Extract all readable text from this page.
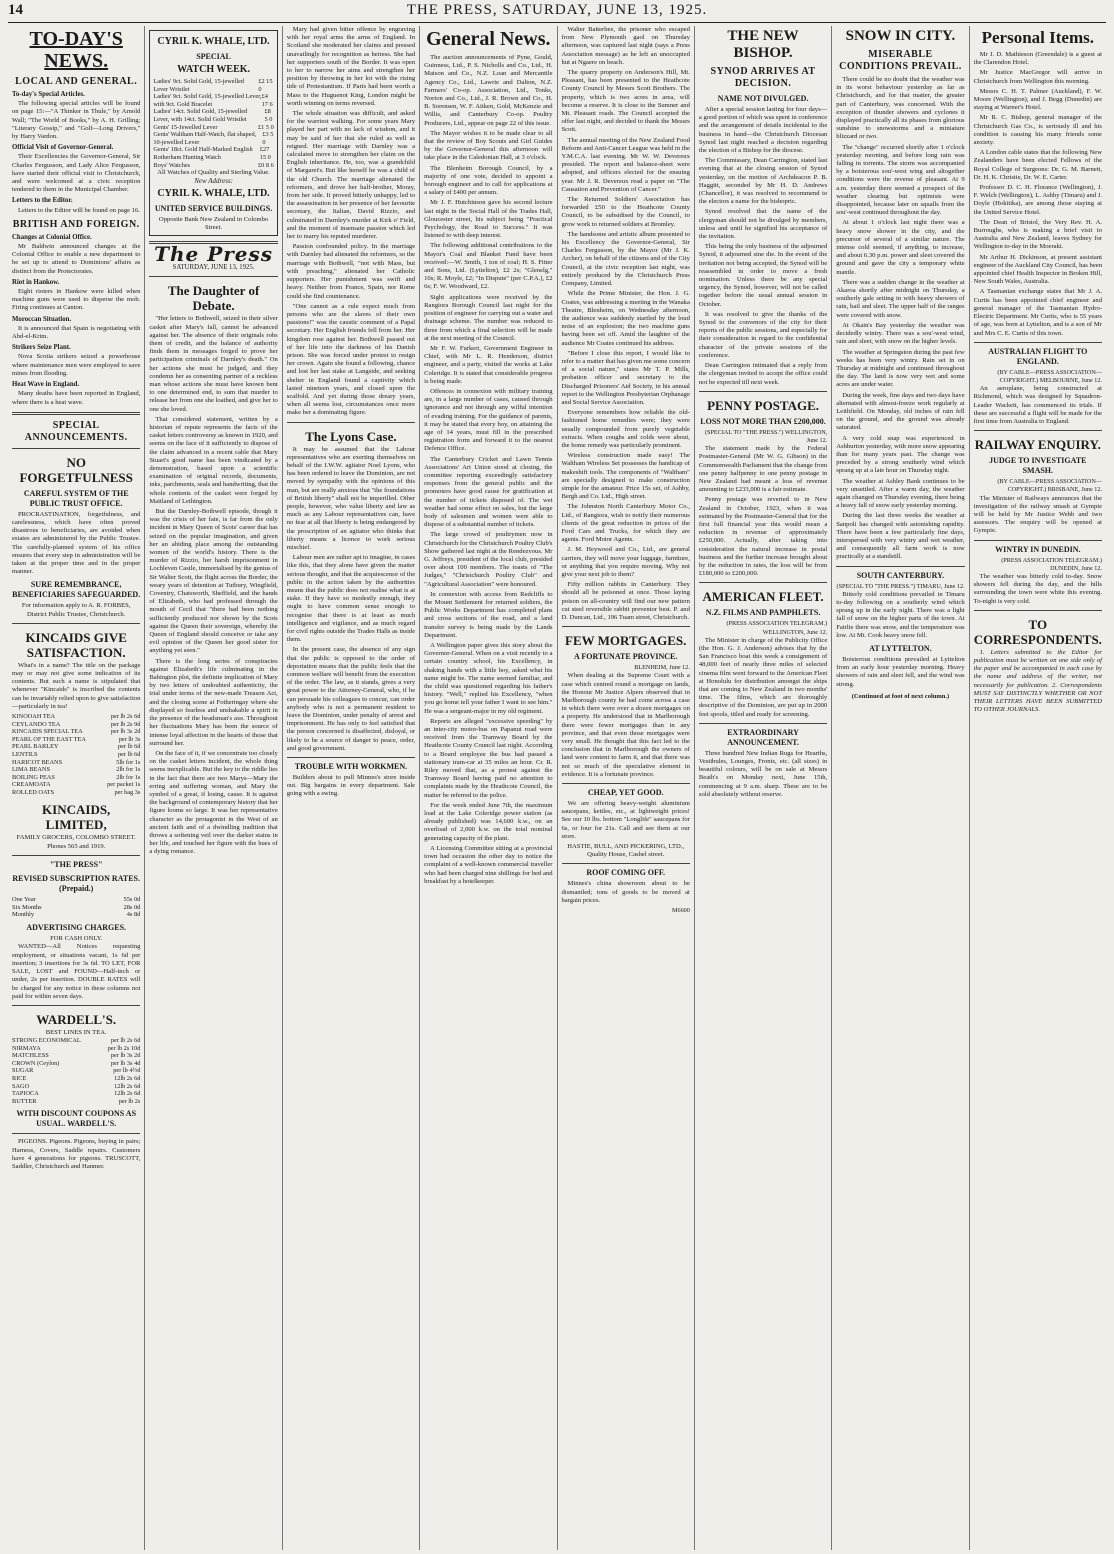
14	THE PRESS, SATURDAY, JUNE 13, 1925.
TO-DAY'S NEWS.
LOCAL AND GENERAL.
To-day's Special Articles.

The following special articles will be found on page 15:—"A Thinker in Thule," by Arnold Wall; "The World of Books," by A. H. Grilling; "Literary Gossip," and "Golf—Long Drivers," by Harry Vardon.

Official Visit of Governor-General.

Their Excellencies the Governor-General, Sir Charles Fergusson, and Lady Alice Fergusson, have started their official visit to Christchurch, and were welcomed at a civic reception tendered to them in the Municipal Chamber.

Letters to the Editor.

Letters to the Editor will be found on page 16.

BRITISH AND FOREIGN.
Changes at Colonial Office.

Mr Baldwin announced changes at the Colonial Office to enable a new department to be set up to attend to Dominions' affairs as distinct from the Protectorates.

Riot in Hankow.

Eight rioters in Hankow were killed when machine guns were used to disperse the mob. Firing continues at Canton.

Moroccan Situation.

It is announced that Spain is negotiating with Abd-el-Krim.

Strikers Seize Plant.

Nova Scotia strikers seized a powerhouse where maintenance men were employed to save mines from flooding.

Heat Wave in England.

Many deaths have been reported in England, where there is a heat wave.

SPECIAL ANNOUNCEMENTS.
NO FORGETFULNESS
CAREFUL SYSTEM OF THE PUBLIC TRUST OFFICE.

PROCRASTINATION, forgetfulness, and carelessness, which have often proved disastrous to beneficiaries, are avoided when estates are administered by the Public Trustee. The carefully-planned system of his office ensures that every step in administration will be taken at the proper time and in the proper manner.

SURE REMEMBRANCE, BENEFICIARIES SAFEGUARDED.

For information apply to A. R. FORBES, District Public Trustee, Christchurch.

KINCAIDS GIVE SATISFACTION.

What's in a name? The title on the package may or may not give some indication of its contents. But such a name is stipulated that whenever "Kincaids" is inscribed the contents can be invariably relied upon to give satisfaction—particularly in tea!

KINOOAH TEA	per lb 2s 6d
CEYLANDO TEA	per lb 2s 9d
KINCAIDS SPECIAL TEA	per lb 3s 2d
PEARL OF THE EAST TEA	per lb 3s
PEARL BARLEY	per lb 6d
LENTILS	per lb 6d
HARICOT BEANS	5lb for 1s
LIMA BEANS	2lb for 1s
BOILING PEAS	2lb for 1s
CREAMOATA	per packet 1s
ROLLED OATS	per bag 3s
KINCAIDS, LIMITED,

FAMILY GROCERS, COLOMBO STREET. Phones 565 and 1919.

"THE PRESS"
REVISED SUBSCRIPTION RATES. (Prepaid.)
One Year	55s 0d
Six Months	28s 0d
Monthly	4s 8d
ADVERTISING CHARGES.
FOR CASH ONLY.

WANTED—All Notices requesting employment, or situations vacant, 1s 6d per insertion; 3 insertions for 3s 6d. TO LET, FOR SALE, LOST and FOUND—Half-inch or under, 2s per insertion. DOUBLE RATES will be charged for any notice in these columns not paid for within seven days.

WARDELL'S.
BEST LINES IN TEA.
STRONG ECONOMICAL	per lb 2s 6d
NIRMAYA	per lb 2s 10d
MATCHLESS	per lb 3s 2d
CROWN (Ceylon)	per lb 3s 4d
SUGAR	per lb 4½d
RICE	12lb 2s 6d
SAGO	12lb 2s 6d
TAPIOCA	12lb 2s 6d
BUTTER	per lb 2s
WITH DISCOUNT COUPONS AS USUAL. WARDELL'S.

PIGEONS. Pigeons. Pigeons, buying in pairs; Harness, Covers, Saddle repairs. Customers have 4 generations for pigeons. TRUSCOTT, Saddler, Christchurch and Hanmer.

CYRIL K. WHALE, LTD.
SPECIAL
WATCH WEEK.
Ladies' 9ct. Solid Gold, 15-jewelled Lever Wristlet
£2 15 0
Ladies' 9ct. Solid Gold, 15-jewelled Lever, with 9ct. Gold Bracelet
£4 17 6
Ladies' 14ct. Solid Gold, 15-jewelled Lever, with 14ct. Solid Gold Wristlet
£8 5 0
Gents' 15-Jewelled Lever	£1 5 0
Gents' Waltham Half-Watch, flat shaped, 10-jewelled Lever
£3 5 0
Gents' 18ct. Gold Half-Marked English Rotherham Hunting Watch
£27 15 0
Boys' Watches	£0 8 6
All Watches of Quality and Sterling Value.
New Address:
CYRIL K. WHALE, LTD.
UNITED SERVICE BUILDINGS.
Opposite Bank New Zealand in Colombo Street.
The Press
SATURDAY, JUNE 13, 1925.
The Daughter of Debate.

"Her letters to Bothwell, seized in their silver casket after Mary's fall, cannot be advanced against her. The absence of their originals robs them of credit, and the balance of authority finds them in messages forged to prove her participation criminals of Darnley's death." On her actions she must be judged, and they condemn her as consenting partner of a reckless man whose actions she must have known bent to one determined end, to sum that murder to release her from one she loathed, and give her to one she loved.

That considered statement, written by a historian of repute represents the facts of the casket letters controversy as known in 1920, and seems on the face of it sufficiently to dispose of the claim advanced in a recent cable that Mary Stuart's good name has been vindicated by a demonstration, based upon a scientific examination of original records, documents, inks, parchments, seals and handwriting, that the whole contents of the casket were forged by Maitland of Lethington.

But the Darnley-Bothwell episode, though it was the crisis of her fate, is far from the only incident in Mary Queen of Scots' career that has seized on the popular imagination, and given her an abiding place among the outstanding women of the world's history. There is the murder of Rizzio, her harsh imprisonment in Lochleven Castle, immortalised by the genius of Sir Walter Scott, the flight across the Border, the weary years of detention at Tutbury, Wingfield, Coventry, Chatsworth, Sheffield, and the hands of Elizabeth, who had professed through the mouth of Cecil that "there had been nothing sufficiently produced nor shown by the Scots against the Queen their sovereign, whereby the Queen of England should conceive or take any evil opinion of the Queen her good sister for anything yet seen."

There is the long series of conspiracies against Elizabeth's life culminating in the Babington plot, the definite implication of Mary by two letters of undoubted authenticity, the trial under terms of the new-made Treason Act, and the closing scene at Fotheringay where she displayed so fearless and unshakable a spirit in the presence of the headsman's axe. Throughout her fluctuations Mary has been the source of intense loyal affection in the hearts of those that surround her.

On the face of it, if we concentrate too closely on the casket letters incident, the whole thing seems inexplicable. But the key to the riddle lies in the fact that there are two Marys—Mary the erring and suffering woman, and Mary the symbol of a great, if losing, cause. It is against the background of contemporary history that her figure looms so large. It was her representative character as the protagonist in the West of an ancient faith and of a dwindling tradition that throws a softening veil over the darker stains in her life, and touched her figure with the hues of a dying romance.

Mary had given bitter offence by engraving with her royal arms the arms of England. In Scotland she moderated her claims and pressed unavailingly for recognition as heiress. She had her supporters south of the Border. It was open to her to narrow her aims and strengthen her position by throwing in her lot with the rising tide of Protestantism. If Paris had been worth a Mass to the Huguenot King, London might be worth winning on terms reversed.

The whole situation was difficult, and asked for the warriest walking. For some years Mary played her part with no lack of wisdom, and it may be said of her that she ruled as well as reigned. Her marriage with Darnley was a calculated move to strengthen her claim on the English inheritance. He, too, was a grandchild of Margaret's. But like herself he was a child of the old Church. The marriage alienated the reformers, and drove her half-brother, Moray, from her side. It proved bitterly unhappy, led to the assassination in her presence of her favourite secretary, the Italian, David Rizzio, and culminated in Darnley's murder at Kirk o' Field, and the moment of insensate passion which led her to marry his reputed murderer.

Passion confounded policy. In the marriage with Darnley had alienated the reformers, so the marriage with Bothwell, "not with Mass, but with preaching," alienated her Catholic supporters. Her punishment was swift and heavy. Neither from France, Spain, nor Rome could she find countenance.

"One cannot as a rule expect much from persons who are the slaves of their own passions!" was the caustic comment of a Papal secretary. Her English friends fell from her. Her kingdom rose against her. Bothwell passed out of her life into the darkness of his Danish prison. She was forced under protest to resign her crown. Again she found a following, chance and lost her last stake at Langside, and seeking shelter in England found a captivity which lasted nineteen years, and closed upon the scaffold. And yet during those dreary years, when all seems lost, circumstances once more make her a dominating figure.

The Lyons Case.

It may be assumed that the Labour representatives who are exerting themselves on behalf of the I.W.W. agitator Noel Lyons, who has been ordered to leave the Dominion, are not moved by sympathy with the opinions of this man, but are really anxious that "the foundations of British liberty" shall not be imperilled. Other people, however, who value liberty and law as much as any Labour representatives can, have no fear at all that liberty is being endangered by the proscription of an agitator who thinks that liberty means a licence to work serious mischief.

Labour men are rather apt to imagine, in cases like this, that they alone have given the matter serious thought, and that the acquiescence of the public in the action taken by the authorities means that the public does not realise what is at stake. If they have so modestly enough, they ought to have common sense enough to recognise that there is at least as much intelligence and vigilance, and as much regard for civil rights outside the Trades Halls as inside them.

In the present case, the absence of any sign that the public is opposed to the order of deportation means that the public feels that the common welfare will benefit from the execution of the order. The law, as it stands, gives a very great power to the Attorney-General, who, if he can persuade his colleagues to concur, can order anybody who is not a permanent resident to leave the Dominion, under penalty of arrest and imprisonment. He has only to feel satisfied that the person concerned is disaffected, disloyal, or likely to be a source of danger to peace, order, and good government.

TROUBLE WITH WORKMEN.

Builders about to pull Minnes's store inside out. Big bargains in every department. Sale going with a swing.

General News.

The auction announcements of Pyne, Gould, Guinness, Ltd., P. S. Nicholls and Co., Ltd., H. Matson and Co., N.Z. Loan and Mercantile Agency Co., Ltd., Lawrie and Dalton, N.Z. Farmers' Co-op. Association, Ltd., Tonks, Norton and Co., Ltd., J. R. Brown and Co., H. B. Sorensen, W. F. Aitken, Gold, McKenzie and Willis, and Canterbury Co-op. Poultry Producers, Ltd., appear on page 22 of this issue.

The Mayor wishes it to be made clear to all that the review of Boy Scouts and Girl Guides by the Governor-General this afternoon will take place in the Caledonian Hall, at 3 o'clock.

The Blenheim Borough Council, by a majority of one vote, decided to appoint a borough engineer and to call for applications at a salary of £400 per annum.

Mr J. F. Hutchinson gave his second lecture last night in the Social Hall of the Trades Hall, Gloucester street, his subject being "Practical Psychology, the Road to Success." It was listened to with deep interest.

The following additional contributions to the Mayor's Coal and Blanket Fund have been received:—W. Smith, 1 ton of coal; H. S. Fitter and Sons, Ltd. (Lyttelton), £2 2s; "Glenelg," 10s; R. Moyle, £2; "In Dispute" (per C.P.A.), £2 6s; F. W. Woodward, £2.

Sight applications were received by the Rangiora Borough Council last night for the position of engineer for carrying out a water and drainage scheme. The number was reduced to three from which a final selection will be made at the next meeting of the Council.

Mr F. W. Furkert, Government Engineer in Chief, with Mr L. R. Henderson, district engineer, and a party, visited the works at Lake Coleridge. It is stated that considerable progress is being made.

Offences in connexion with military training are, in a large number of cases, caused through ignorance and not through any wilful intention of evading training. For the guidance of parents, it may be stated that every boy, on attaining the age of 14 years, must fill in the prescribed registration form and forward it to the nearest Defence Office.

The Canterbury Cricket and Lawn Tennis Associations' Art Union stood at closing, the committee reporting exceedingly satisfactory responses from the general public and the promoters have good cause for gratification at the number of tickets disposed of. The wet weather had some effect on sales, but the large body of salesmen and women were able to dispose of a substantial number of tickets.

The large crowd of poultrymen now in Christchurch for the Christchurch Poultry Club's Show gathered last night at the Rendezvous. Mr G. Jeffreys, president of the local club, presided over about 100 members. The toasts of "The Judges," "Christchurch Poultry Club" and "Agricultural Association" were honoured.

In connexion with access from Redcliffs to the Mount Settlement for returned soldiers, the Public Works Department has completed plans and cross sections of the road, and a land transfer survey is being made by the Lands Department.

A Wellington paper gives this story about the Governor-General. When on a visit recently to a certain country school, his Excellency, in shaking hands with a little boy, asked what his name might be. The name seemed familiar, and the child was questioned regarding his father's history. "Well," replied his Excellency, "when you go home tell your father I want to see him." He was a sergeant-major in my old regiment.

Reports are alleged "excessive speeding" by an inter-city motor-bus on Papanui road were received from the Tramway Board by the Heathcote County Council last night. According to a Board employee the bus had passed a stationary tram-car at 35 miles an hour. Cr. R. Riley moved that, as a protest against the Tramway Board having paid no attention to complaints made by the Heathcote Council, the matter be referred to the police.

For the week ended June 7th, the maximum load at the Lake Coleridge power station (as already published) was 14,600 k.w., on an overload of 2,000 k.w. on the total nominal generating capacity of the plant.

A Licensing Committee sitting at a provincial town had occasion the other day to notice the complaint of a well-known commercial traveller who had been charged nine shillings for bed and breakfast by a hotelkeeper.

Walter Batterbee, the prisoner who escaped from New Plymouth gaol on Thursday afternoon, was captured last night (says a Press Association message) as he left an unoccupied hut at Ngaere on beach.

The quarry property on Anderson's Hill, Mt. Pleasant, has been presented to the Heathcote County Council by Messrs Scott Brothers. The property, which is two acres in area, will become a reserve. It is close to the Sumner and Mt. Pleasant roads. The Council accepted the offer last night, and decided to thank the Messrs Scott.

The annual meeting of the New Zealand Food Reform and Anti-Cancer League was held in the Y.M.C.A. last evening. Mr W. W. Devereux presided. The report and balance-sheet were adopted, and officers elected for the ensuing year. Mr J. R. Devereux read a paper on "The Causation and Prevention of Cancer."

The Returned Soldiers' Association has forwarded £50 to the Heathcote County Council, to be subsidised by the Council, to grow work to returned soldiers at Bromley.

The handsome and artistic album presented to his Excellency the Governor-General, Sir Charles Fergusson, by the Mayor (Mr J. K. Archer), on behalf of the citizens and of the City Council, at the civic reception last night, was entirely produced by the Christchurch Press Company, Limited.

While the Prime Minister, the Hon. J. G. Coates, was addressing a meeting in the Wanaka Theatre, Blenheim, on Wednesday afternoon, the audience was suddenly startled by the loud noise of an explosion; the two machine guns having been set off. Amid the laughter of the audience Mr Coates continued his address.

"Before I close this report, I would like to refer to a matter that has given me some concern of a social nature," states Mr T. P. Mills, probation officer and secretary to the Discharged Prisoners' Aid Society, in his annual report to the Wellington Presbyterian Orphanage and Social Service Association.

Everyone remembers how reliable the old-fashioned home remedies were; they were usually compounded from purely vegetable extracts. When coughs and colds were about, the home remedy was particularly prominent.

Wireless construction made easy! The Waltham Wireless Set possesses the handicap of makeshift tools. The components of "Waltham" are specially designed to make construction simple for the amateur. Price 15s set, of Ashby, Bergh and Co. Ltd., High street.

The Johnston North Canterbury Motor Co., Ltd., of Rangiora, wish to notify their numerous clients of the great reduction in prices of the Ford Cars and Trucks, for which they are agents. Ford Motor Agents.

J. M. Heywood and Co., Ltd., are general carriers, they will move your luggage, furniture, or anything that you require moving. Why not give your next job to them?

Fifty million rabbits in Canterbury. They should all be poisoned at once. Those laying poison on all-country will find our new pattern cut steel reversible rabbit preventor best. P. and D. Duncan, Ltd., 196 Tuam street, Christchurch.

FEW MORTGAGES.
A FORTUNATE PROVINCE.
BLENHEIM, June 12.

When dealing at the Supreme Court with a case which centred round a mortgage on lands, the Honour Mr Justice Alpers observed that in Marlborough county he had come across a case in which there were over a dozen mortgages on a property. He understood that in Marlborough there were fewer mortgages than in any province, and that even those mortgages were very small. He thought that this fact led to the conclusion that in Marlborough the owners of land were content to farm it, and that there was not so much of the speculative element in evidence. It is a fortunate province.

CHEAP, YET GOOD.

We are offering heavy-weight aluminium saucepans, kettles, etc., at lightweight prices! See our 10 lbs. bottom "Longlife" saucepans for 6s, or four for 21s. Call and see them at our store.

HASTIE, BULL, AND PICKERING, LTD., Quality House, Cashel street.

ROOF COMING OFF.

Minnes's china showroom about to be dismantled; tons of goods to be moved at bargain prices.

M6600
THE NEW BISHOP.
SYNOD ARRIVES AT DECISION.
NAME NOT DIVULGED.

After a special session lasting for four days—a good portion of which was spent in conference and the arrangement of details incidental to the business in hand—the Christchurch Diocesan Synod last night reached a decision regarding the election of a Bishop for the diocese.

The Commissary, Dean Carrington, stated last evening that at the closing session of Synod yesterday, on the motion of Archdeacon P. B. Haggitt, seconded by Mr H. D. Andrews (Chancellor), it was resolved to recommend to the electors a name for the bishopric.

Synod resolved that the name of the clergyman should not be divulged by members, unless and until he signified his acceptance of the invitation.

This being the only business of the adjourned Synod, it adjourned sine die. In the event of the invitation not being accepted, the Synod will be reassembled in order to move a fresh nomination. Unless there be any special urgency, the Synod, however, will not be called together before the usual annual session in October.

It was resolved to give the thanks of the Synod to the convenors of the city for their reports of the public sessions, and especially for their consideration in regard to the confidential character of the private sessions of the conference.

Dean Carrington intimated that a reply from the clergyman invited to accept the office could not be expected till next week.

PENNY POSTAGE.
LOSS NOT MORE THAN £200,000.
(SPECIAL TO "THE PRESS.") WELLINGTON, June 12.

The statement made by the Federal Postmaster-General (Mr W. G. Gibson) in the Commonwealth Parliament that the change from one penny halfpenny to one penny postage in New Zealand had meant a loss of revenue amounting to £233,000 is a fair estimate.

Penny postage was reverted to in New Zealand in October, 1923, when it was estimated by the Postmaster-General that for the first full financial year this would mean a reduction in revenue of approximately £250,000. Actually, after taking into consideration the natural increase in postal business and the further increase brought about by the reduction in rates, the loss will be from £180,000 to £200,000.

AMERICAN FLEET.
N.Z. FILMS AND PAMPHLETS.
(PRESS ASSOCIATION TELEGRAM.) WELLINGTON, June 12.

The Minister in charge of the Publicity Office (the Hon. G. J. Anderson) advises that by the San Francisco boat this week a consignment of 48,000 feet of nearly three miles of selected cinema film went forward to the American Fleet at Honolulu for distribution amongst the ships that are coming to New Zealand in two months' time. The films, which are thoroughly descriptive of the Dominion, are put up in 2000 feet spools, titled and ready for screening.

EXTRAORDINARY ANNOUNCEMENT.

Three hundred New Indian Rugs for Hearths, Vestibules, Lounges, Fronts, etc. (all sizes) in beautiful colours, will be on sale at Messrs Beath's on Monday next, June 15th, commencing at 9 a.m. sharp. These are to be sold absolutely without reserve.

SNOW IN CITY.
MISERABLE CONDITIONS PREVAIL.

There could be no doubt that the weather was in its worst behaviour yesterday as far as Christchurch, and for that matter, the greater part of Canterbury, was concerned. With the exception of thunder showers and cyclones it displayed practically all its phases from glorious sunshine to snowstorms and a miniature blizzard or two.

The "change" occurred shortly after 1 o'clock yesterday morning, and before long rain was falling in torrents. The storm was accompanied by a boisterous sou'-west wing and altogether conditions were the reverse of pleasant. At 9 a.m. yesterday there seemed a prospect of the weather clearing but optimists were disappointed, because later on squalls from the sou'-west continued throughout the day.

At about 1 o'clock last night there was a heavy snow shower in the city, and the precursor of several of a similar nature. The intense cold seemed, if anything, to increase, and about 6.30 p.m. power and sleet covered the ground and gave the city a temporary white mantle.

There was a sudden change in the weather at Akaroa shortly after midnight on Thursday, a southerly gale setting in with heavy showers of rain, hail and sleet. The upper half of the ranges were covered with snow.

At Okain's Bay yesterday the weather was decidedly wintry. There was a sou'-west wind, rain and sleet, with snow on the higher levels.

The weather at Springston during the past few weeks has been very wintry. Rain set in on Thursday at midnight and continued throughout the day. The land is now very wet and some acres are under water.

During the week, fine days and two days have alternated with almost-freeze work regularly at Leithfield. On Monday, old inches of rain fell on the ground, and the ground was already saturated.

A very cold snap was experienced in Ashburton yesterday, with more snow appearing than for many years past. The change was preceded by a strong southerly wind which sprang up at a late hour on Thursday night.

The weather at Ashley Bank continues to be very unsettled. After a warm day, the weather again changed on Thursday evening, there being a heavy fall of snow early yesterday morning.

During the last three weeks the weather at Sanpoli has changed with astonishing rapidity. There have been a few particularly fine days, interspersed with very wintry and wet weather, and consequently all farm work is now practically at a standstill.

SOUTH CANTERBURY.
(SPECIAL TO "THE PRESS.") TIMARU, June 12.

Bitterly cold conditions prevailed in Timaru to-day following on a southerly wind which sprang up in the early night. There was a light fall of snow on the higher parts of the town. At Fairlie there was snow, and the temperature was low. At Mt. Cook heavy snow fell.

AT LYTTELTON.

Boisterous conditions prevailed at Lyttelton from an early hour yesterday morning. Heavy showers of rain and sleet fell, and the wind was strong.

(Continued at foot of next column.)
Personal Items.

Mr J. D. Mathieson (Greendale) is a guest at the Clarendon Hotel.

Mr Justice MacGregor will arrive in Christchurch from Wellington this morning.

Messrs C. H. T. Palmer (Auckland), F. W. Moore (Wellington), and J. Begg (Dunedin) are staying at Warner's Hotel.

Mr R. C. Bishop, general manager of the Christchurch Gas Co., is seriously ill and his condition is causing his many friends some anxiety.

A London cable states that the following New Zealanders have been elected Fellows of the Royal College of Surgeons: Dr. G. M. Barnett, Dr. H. K. Christie, Dr. W. E. Carter.

Professor D. C. H. Florance (Wellington), J. F. Welch (Wellington), L. Ashby (Timaru) and J. Doyle (Hokitika), are among those staying at the United Service Hotel.

The Dean of Bristol, the Very Rev. H. A. Burroughs, who is making a brief visit to Australia and New Zealand, leaves Sydney for Wellington to-day in the Moeraki.

Mr Arthur H. Dickinson, at present assistant engineer of the Auckland City Council, has been appointed chief Health Inspector in Broken Hill, New South Wales, Australia.

A Tasmanian exchange states that Mr J. A. Curtis has been appointed chief engineer and general manager of the Tasmanian Hydro-Electric Department. Mr Curtis, who is 55 years of age, was born at Lyttelton, and is a son of Mr and Mrs C. E. Curtis of this town.

AUSTRALIAN FLIGHT TO ENGLAND.
(BY CABLE—PRESS ASSOCIATION—COPYRIGHT.) MELBOURNE, June 12.

An aeroplane, being constructed at Richmond, which was designed by Squadron-Leader Wackett, has commenced its trials. If these are successful a flight will be made for the first time from Australia to England.

RAILWAY ENQUIRY.
JUDGE TO INVESTIGATE SMASH.
(BY CABLE—PRESS ASSOCIATION—COPYRIGHT.) BRISBANE, June 12.

The Minister of Railways announces that the investigation of the railway smash at Gympie will be held by Mr Justice Webb and two assessors. The enquiry will be opened at Gympie.

WINTRY IN DUNEDIN.
(PRESS ASSOCIATION TELEGRAM.) DUNEDIN, June 12.

The weather was bitterly cold to-day. Snow showers fell during the day, and the hills surrounding the town were white this evening. To-night is very cold.

TO CORRESPONDENTS.

1. Letters submitted to the Editor for publication must be written on one side only of the paper and be accompanied in each case by the name and address of the writer, not necessarily for publication. 2. Correspondents MUST SAY DISTINCTLY WHETHER OR NOT THEIR LETTERS HAVE BEEN SUBMITTED TO OTHER JOURNALS.
